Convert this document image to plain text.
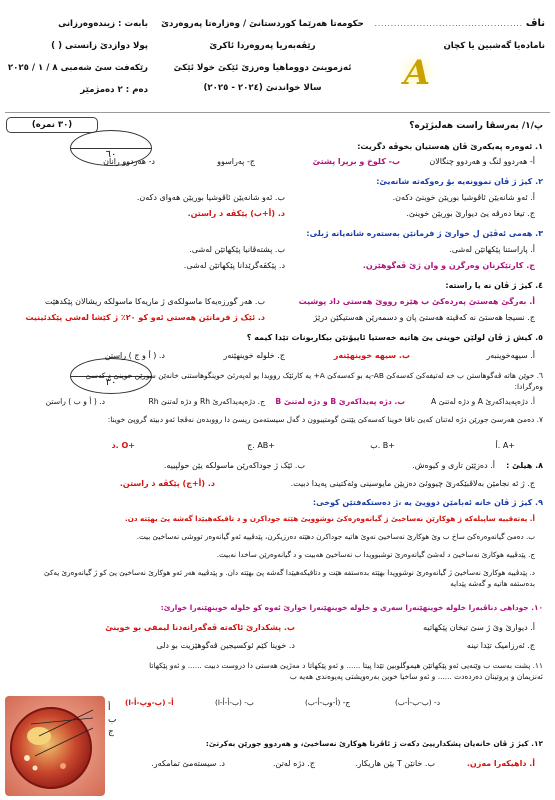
ناڤ
..............................................
نامادەیا گەشبین یا کچان
حکومەتا هەرێما کوردستانێ / وەزارەتا پەروەردێ
رێڤەبەریا پەروەردا ئاکرێ
ئەزموینێ دووماهیا وەرزێ ئێکێ خولا ئێکێ
سالا خواندنێ (٢٠٢٤ - ٢٠٢٥)
بابەت : زیندەوەرزانی
پولا دوازدێ زانستی ( )
رێکەفت سێ شەمبی ٨ / ١ / ٢٠٢٥
دەم : ٢ دەمژمێر	A
(٣٠ نمرە)
٦٠
٣٠
پ/١/ بەرسڤا راست هەلبژێرە؟
١. ئەوەرە پەیکەرێ ڤان هەستیان بخوڤە دگریت:
أ- هەردوو لنگ و هەردوو چنگالان
ب- کلوخ و برپرا پشتێ
ج- پەراسوو
د- هەردوو رانان
٢. کیژ ژ ڤان نموونەیە بۆ رەوکەتە شانەیێ:
أ. ئەو شانەیێن ئاڤوشیا بوریێن خوینێ دکەن.
ب. ئەو شانەیێن ئاڤوشیا بوریێن هەوای دکەن.
ج. تیغا دەرڤە یێ دیوارێ بوریێن خوینێ.
د. (أ+ب) پێکڤە د راستن.
٣. هەمی ئەڤێن ل خوارێ ژ فرمانێن بەستەرە شانەیانە ژبلی:
أ. پاراستنا پێکهاتێن لەشی.
ب. پشتەڤانیا پێکهاتێن لەشی.
ج. کارتێکرنان وەرگرن و وان ژێ ڤەگوهێزن.
د. پێکڤەگرێدانا پێکهاتێن لەشی.
٤. کیژ ژ ڤان نە یا راستە:
أ. بەرگێ هەستێ پەردەکێ ب هێزە رووێ هەستی داد پوشیت
ب. هەر گورزەیەکا ماسولکەی ژ ماریەکا ماسولکە ریشالان پێکدهێت
ج. نسیجا هەستێ نە کەڤیتە هەستێ پان و دسمەرێن هەستیکێن درێژ
د. ئێک ژ فرمانێن هەستی ئەو کو ٢٠٪ ژ کێشا لەشی پێکدئینیت
٥. کیش ژ ڤان لولێن خوینی یێ هاتیە خەستیا ئاییۆنێن بیکاربونات تێدا کیمە ؟
أ. سیهەخوینبەر
ب. سیهە خوینهێنەر
ج. خلوله خوینهێنەر
د. ( أ و ج ) راستن
٦. خوێن هاتە ڤەگوهاستن ب خە لەتیفەکێ کەسەکێ AB-یە بو کەسەکێ A+ یە کارئێک رووبدا یو لەپەرئێ خوینگوهاستنی خانەێن سورێن خوینێ د کەسێ وەرگرادا:
أ. دژەپەیداکەرێ A و دژە لەتنێ A
ب. دژە پەیداکەرێ B و دژە لەتنێ B
ج. دژەپەیداکەرێ Rh و دژە لەتنێ Rh
د. ( أ و ب ) راستن
٧. دەمێ هەرسێ جورێن دژە لەتنان کەیێ ناقا خوینا کەسەکێ یێتنێ گومتیبوون د گەل سیستەمێ ریسێ دا رووبدەن نەڤجا ئەو دبیتە گروپێ خوینا:
أ. A+
ب. B+
ج. AB+
د. O+
٨. هیلێ :
أ. دەزێێن تاری و کیوەش.
ب. ئێک ژ جوداکەرێن ماسولکە یێن حولپییە.
ج. ژ ئە نجامێن بەلاڤبێکەرێ چیووئێ دەزیێن مایوسینی وئەکتینی پەیدا دبیت.
د. (أ+ج) پێکڤە د راستن.
٩. کیژ ژ ڤان خانە ئەبامێن دوویێ یە ،ژ دەستکەفتێن کوخی:
أ. پەتەقییە ساپیلەکە ژ هوکارێن نەساخیێ ژ گیانەوەرەکێ نوشوویێ هێتە جوداکرن و د تاقیکەهیێدا گەشە پێ بهێتە دن.
ب. دەمێ گیانەوەرەکێ ساخ ب وێ هوکارێ نەساخیێ نەوێ هاتیە جوداکرن دهێتە دەرزیکرن، پێدڤییە ئەو گیانەوەر تووشی نەساخیێ بیت.
ج. پێدڤییە هوکارێ نەساخیێ د لەشێ گیانەوەرێ توشبوویدا ب نەساخیێ هەبیت و د گیانەوەرێن ساخدا نەبیت.
د. پێدڤییە هوکارێ نەساخیێ ژ گیانەوەرێ نوشوویدا بهێتە بدەستفە هێت و دتاقیکەهیێدا گەشە پێ بهێتە دان. و پێدڤییە هەر ئەو هوکارێ نەساخیێ یێ کو ژ گیانەوەرێ یەکێ بدەستفە هاتیە و گەشە پێدایە
١٠. جوداهی دناڤبەرا خلوله خوینهێنەرا سەری و خلوله خوینهێنەرا خوارێ ئەوە کو خلوله خوینهێنەرا خوارێ:
أ. دیوارێ وێ ژ سێ تیخان پێکهاتیە
ب. پشکدارێ ئاکەتە ڤەگەرانەدنا لیمفی بو خوینێ
ج. ئەرزامیک تێدا نینە
د. خوینا کێم ئوکسیجین ڤەگوهێزیت بو دلی
١١. پشت بەست ب وێنەیی ئەو پێکهاتێن هیموگلوبین تێدا پیتا ...... و ئەو پێکهاتا د مەژیێ هەستی دا دروست دبیت ...... و ئەو پێکهاتا ئەنزیمان و پروتینان دەردەدت ...... و ئەو ساخیا خوین بەرەوپشتی پەیوەندی هەیە ب
أ- (ب-وپ-أ-ا)	ب- (ب-أ-أ-ا)	ج- (أ-وب-أ-ب)	د- (ب-ب-أ-ب)
١٢. کیژ ژ ڤان خانەیان پشکدارییێ دکەت ژ ئاڤرنا هوکارێ نەساخیێ، و هەردوو جورێن بەکرتێ:
أ. داهیکەرا مەزن.
ب. خانێن T یێن هاریکار.
ج. دژە لەتن.
د. سیستەمێ تمامکەر.
أ
ب
ج
